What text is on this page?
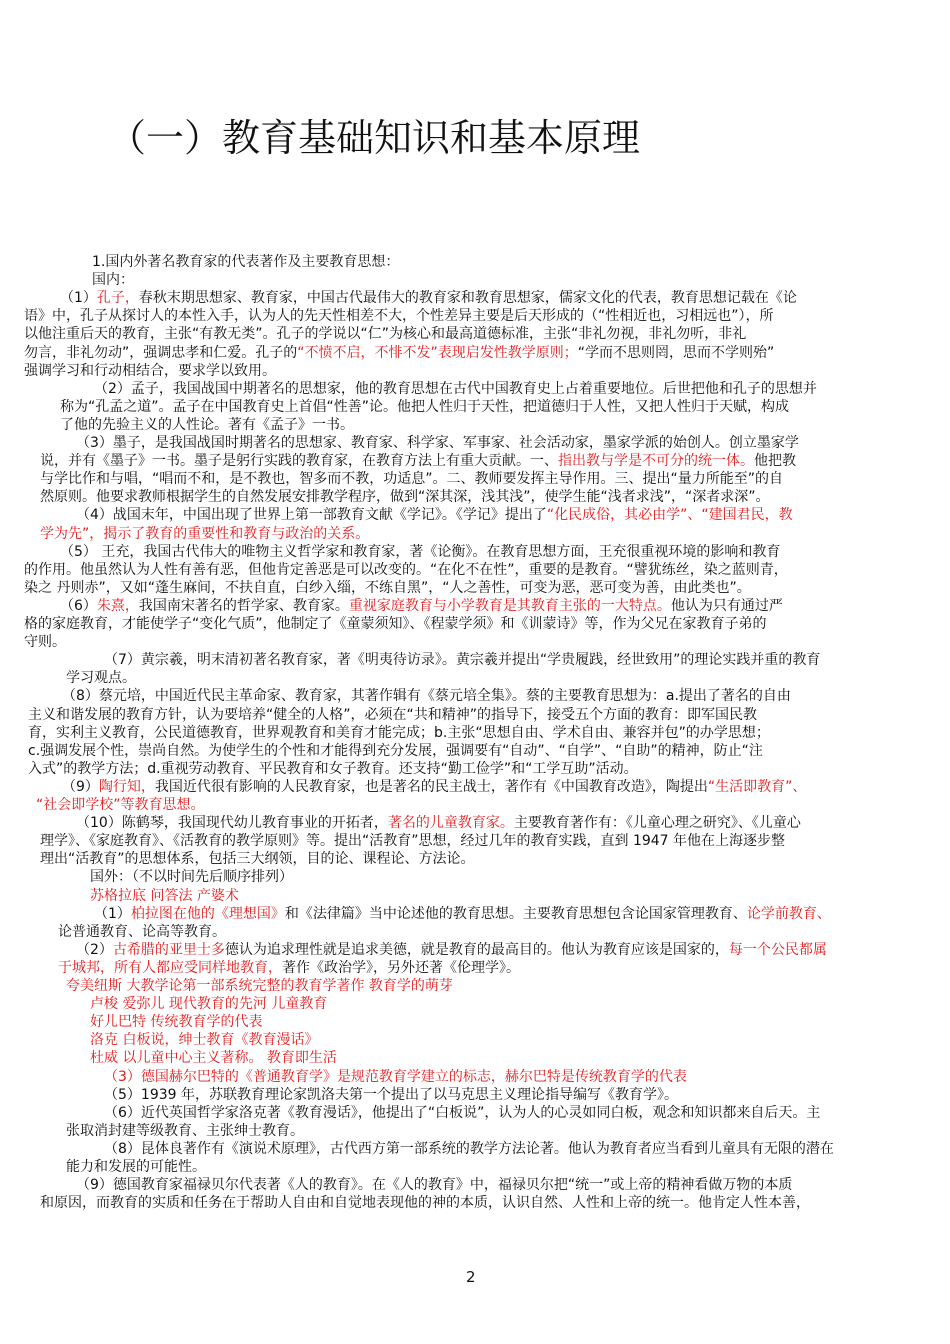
（一）教育基础知识和基本原理
1.国内外著名教育家的代表著作及主要教育思想：
国内：
（1）孔子，春秋末期思想家、教育家，中国古代最伟大的教育家和教育思想家，儒家文化的代表，教育思想记载在《论
语》中，孔子从探讨人的本性入手，认为人的先天性相差不大，个性差异主要是后天形成的（“性相近也，习相远也”），所
以他注重后天的教育，主张“有教无类”。孔子的学说以“仁”为核心和最高道德标准，主张“非礼勿视，非礼勿听，非礼
勿言，非礼勿动”，强调忠孝和仁爱。孔子的“不愤不启，不悱不发”表现启发性教学原则；“学而不思则罔，思而不学则殆”
强调学习和行动相结合，要求学以致用。
（2）孟子，我国战国中期著名的思想家，他的教育思想在古代中国教育史上占着重要地位。后世把他和孔子的思想并
称为“孔孟之道”。孟子在中国教育史上首倡“性善”论。他把人性归于天性，把道德归于人性，又把人性归于天赋，构成
了他的先验主义的人性论。著有《孟子》一书。
（3）墨子，是我国战国时期著名的思想家、教育家、科学家、军事家、社会活动家，墨家学派的始创人。创立墨家学
说，并有《墨子》一书。墨子是躬行实践的教育家，在教育方法上有重大贡献。一、指出教与学是不可分的统一体。他把教
与学比作和与唱，“唱而不和，是不教也，智多而不教，功适息”。二、教师要发挥主导作用。三、提出“量力所能至”的自
然原则。他要求教师根据学生的自然发展安排教学程序，做到“深其深，浅其浅”，使学生能“浅者求浅”，“深者求深”。
（4）战国末年，中国出现了世界上第一部教育文献《学记》。《学记》提出了“化民成俗，其必由学”、“建国君民，教
学为先”，揭示了教育的重要性和教育与政治的关系。
（5） 王充，我国古代伟大的唯物主义哲学家和教育家，著《论衡》。在教育思想方面，王充很重视环境的影响和教育
的作用。他虽然认为人性有善有恶，但他肯定善恶是可以改变的。“在化不在性”，重要的是教育。“譬犹练丝，染之蓝则青，
染之 丹则赤”，又如“蓬生麻间，不扶自直，白纱入缁，不练自黑”，“人之善性，可变为恶，恶可变为善，由此类也”。
（6）朱熹，我国南宋著名的哲学家、教育家。重视家庭教育与小学教育是其教育主张的一大特点。他认为只有通过严
格的家庭教育，才能使学子“变化气质”，他制定了《童蒙须知》、《程蒙学须》和《训蒙诗》等，作为父兄在家教育子弟的
守则。
（7）黄宗羲，明末清初著名教育家，著《明夷待访录》。黄宗羲并提出“学贵履践，经世致用”的理论实践并重的教育
学习观点。
（8）蔡元培，中国近代民主革命家、教育家，其著作辑有《蔡元培全集》。蔡的主要教育思想为：a.提出了著名的自由
主义和谐发展的教育方针，认为要培养“健全的人格”，必须在“共和精神”的指导下，接受五个方面的教育：即军国民教
育，实利主义教育，公民道德教育，世界观教育和美育才能完成；b.主张“思想自由、学术自由、兼容并包”的办学思想；
c.强调发展个性，崇尚自然。为使学生的个性和才能得到充分发展，强调要有“自动”、“自学”、“自助”的精神，防止“注
入式”的教学方法；d.重视劳动教育、平民教育和女子教育。还支持“勤工俭学”和“工学互助”活动。
（9）陶行知，我国近代很有影响的人民教育家，也是著名的民主战士，著作有《中国教育改造》，陶提出“生活即教育”、
“社会即学校”等教育思想。
（10）陈鹤琴，我国现代幼儿教育事业的开拓者，著名的儿童教育家。主要教育著作有：《儿童心理之研究》、《儿童心
理学》、《家庭教育》、《活教育的教学原则》等。提出“活教育”思想，经过几年的教育实践，直到 1947 年他在上海逐步整
理出“活教育”的思想体系，包括三大纲领，目的论、课程论、方法论。
国外：（不以时间先后顺序排列）
苏格拉底 问答法 产婆术
（1）柏拉图在他的《理想国》和《法律篇》当中论述他的教育思想。主要教育思想包含论国家管理教育、论学前教育、
论普通教育、论高等教育。
（2）古希腊的亚里士多德认为追求理性就是追求美德，就是教育的最高目的。他认为教育应该是国家的，每一个公民都属
于城邦，所有人都应受同样地教育，著作《政治学》，另外还著《伦理学》。
夸美纽斯 大教学论第一部系统完整的教育学著作 教育学的萌芽
卢梭 爱弥儿 现代教育的先河 儿童教育
好儿巴特 传统教育学的代表
洛克 白板说，绅士教育《教育漫话》
杜威 以儿童中心主义著称。 教育即生活
（3）德国赫尔巴特的《普通教育学》是规范教育学建立的标志，赫尔巴特是传统教育学的代表
（5）1939 年，苏联教育理论家凯洛夫第一个提出了以马克思主义理论指导编写《教育学》。
（6）近代英国哲学家洛克著《教育漫话》，他提出了“白板说”，认为人的心灵如同白板，观念和知识都来自后天。主
张取消封建等级教育、主张绅士教育。
（8）昆体良著作有《演说术原理》，古代西方第一部系统的教学方法论著。他认为教育者应当看到儿童具有无限的潜在
能力和发展的可能性。
（9）德国教育家福禄贝尔代表著《人的教育》。在《人的教育》中，福禄贝尔把“统一”或上帝的精神看做万物的本质
和原因，而教育的实质和任务在于帮助人自由和自觉地表现他的神的本质，认识自然、人性和上帝的统一。他肯定人性本善，
2
